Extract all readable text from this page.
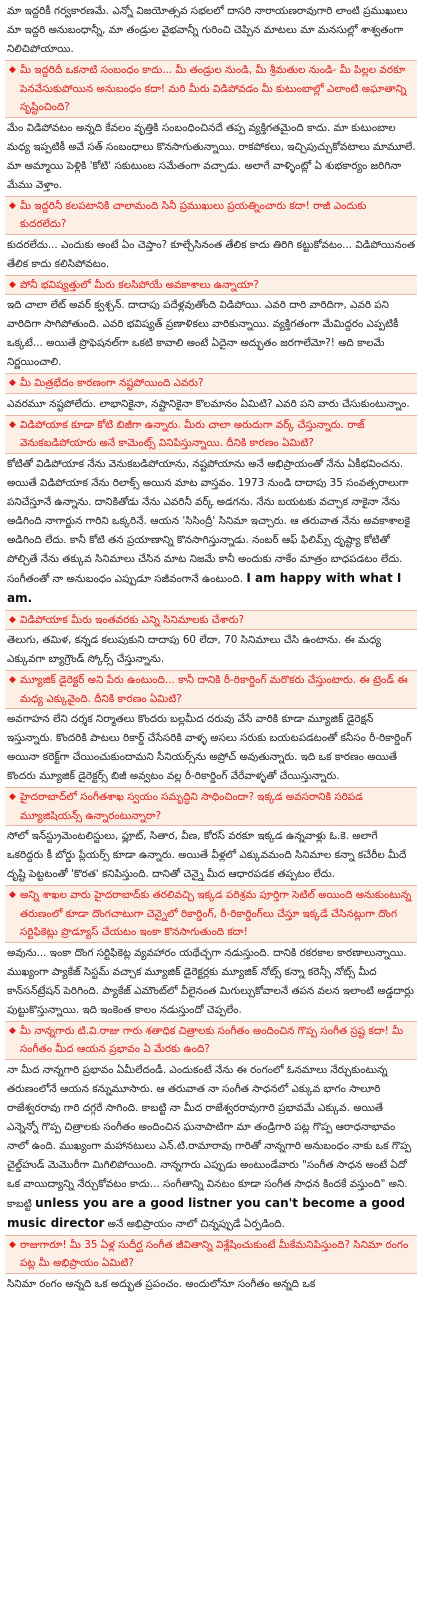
మా ఇద్దరికీ గర్వకారణమే. ఎన్నో విజయోత్సవ సభలలో దాసరి నారాయణరావుగారి లాంటి ప్రముఖులు మా ఇద్దరి అనుబంధాన్నీ, మా తండ్రుల వైభవాన్నీ గురించి చెప్పిన మాటలు మా మనసుల్లో శాశ్వతంగా నిలిచిపోయాయి.

◆ మీ ఇద్దరిదీ ఒకనాటి సంబంధం కాదు... మీ తండ్రుల నుండి, మీ శ్రీమతుల నుండి- మీ పిల్లల వరకూ పెనవేసుకుపోయిన అనుబంధం కదా! మరి మీరు విడిపోవడం మీ కుటుంబాల్లో ఎలాంటి అఘాతాన్ని సృష్టించింది?

మేం విడిపోవటం అన్నది కేవలం వృత్తికి సంబంధించినదే తప్ప వ్యక్తిగతమైంది కాదు. మా కుటుంబాల మధ్య ఇప్పటికీ అవే సత్ సంబంధాలు కొనసాగుతున్నాయి. రాకపోకలు, ఇచ్చిపుచ్చుకోవటాలు మామూలే. మా అమ్మాయి పెళ్లికి 'కోటి' సకుటుంబ సమేతంగా వచ్చాడు. అలాగే వాళ్ళింట్లో ఏ శుభకార్యం జరిగినా మేము వెళ్తాం.

◆ మీ ఇద్దరినీ కలపటానికి చాలామంది సినీ ప్రముఖులు ప్రయత్నించారు కదా! రాజీ ఎందుకు కుదరలేదు?

కుదరలేదు... ఎందుకు అంటే ఏం చెప్తాం? కూల్చేసినంత తేలిక కాదు తిరిగి కట్టుకోవటం... విడిపోయినంత తేలిక కాదు కలిసిపోవటం.

◆ పోనీ భవిష్యత్తులో మీరు కలసిపోయే అవకాశాలు ఉన్నాయా?

ఇది చాలా లేట్ అవర్ క్వశ్చన్. దాదాపు పదేళ్లవుతోంది విడిపోయి. ఎవరి దారి వారిదిగా, ఎవరి పని వారిదిగా సాగిపోతుంది. ఎవరి భవిష్యత్ ప్రణాళికలు వారికున్నాయి. వ్యక్తిగతంగా మేమిద్దరం ఎప్పటికీ ఒక్కటే... అయితే ప్రొఫెషనల్‌గా ఒకటి కావాలి అంటే ఏదైనా అద్భుతం జరగాలేమో?! అది కాలమే నిర్ణయించాలి.

◆ మీ మిత్రభేదం కారణంగా నష్టపోయింది ఎవరు?

ఎవరమూ నష్టపోలేదు. లాభానికైనా, నష్టానికైనా కొలమానం ఏమిటి? ఎవరి పని వారు చేసుకుంటున్నాం.

◆ విడిపోయాక కూడా కోటి బిజీగా ఉన్నారు. మీరు చాలా అరుదుగా వర్క్ చేస్తున్నారు. రాజ్ వెనుకబడిపోయారు అనే కామెంట్స్ వినిపిస్తున్నాయి. దీనికి కారణం ఏమిటి?

కోటితో విడిపోయాక నేను వెనుకబడిపోయాను, నష్టపోయాను అనే అభిప్రాయంతో నేను ఏకీభవించను. అయితే విడిపోయాక నేను రిలాక్స్ అయిన మాట వాస్తవం. 1973 నుండి దాదాపు 35 సంవత్సరాలుగా పనిచేస్తూనే ఉన్నాను. దానికితోడు నేను ఎవరినీ వర్క్ అడగను. నేను బయటకు వచ్చాక నాకైనా నేను అడిగింది నాగార్జున గారిని ఒక్కరినే. ఆయన 'సిసింద్రీ' సినిమా ఇచ్చారు. ఆ తరువాత నేను అవకాశాలకై అడిగింది లేదు. కానీ కోటి తన ప్రయాణాన్ని కొనసాగిస్తున్నాడు. నంబర్ ఆఫ్ ఫిలిమ్స్ దృష్ట్యా కోటితో పోల్చితే నేను తక్కువ సినిమాలు చేసిన మాట నిజమే కానీ అందుకు నాకేం మాత్రం బాధపడటం లేదు. సంగీతంతో నా అనుబంధం ఎప్పుడూ సజీవంగానే ఉంటుంది. I am happy with what I am.

◆ విడిపోయాక మీరు ఇంతవరకు ఎన్ని సినిమాలకు చేశారు?

తెలుగు, తమిళ, కన్నడ కలుపుకుని దాదాపు 60 లేదా, 70 సినిమాలు చేసి ఉంటాను. ఈ మధ్య ఎక్కువగా బ్యాగ్రౌండ్ స్కోర్స్ చేస్తున్నాను.

◆ మ్యూజిక్ డైరెక్టర్ అని పేరు ఉంటుంది... కానీ దానికి రీ-రికార్డింగ్ మరొకరు చేస్తుంటారు. ఈ ట్రెండ్ ఈ మధ్య ఎక్కువైంది. దీనికి కారణం ఏమిటి?

అవగాహన లేని దర్శక నిర్మాతలు కొందరు బల్లమీద దరువు వేసే వారికి కూడా మ్యూజిక్ డైరెక్షన్ ఇస్తున్నారు. కొందరికి పాటలు రికార్డ్ చేసేసరికి వాళ్ళ అసలు సరుకు బయటపడటంతో కనీసం రీ-రికార్డింగ్ అయినా కరెక్ట్‌గా చేయించుకుందామని సీనియర్స్‌ను అప్రోచ్ అవుతున్నారు. ఇది ఒక కారణం అయితే కొందరు మ్యూజిక్ డైరెక్టర్స్ బిజీ అవ్వటం వల్ల రీ-రికార్డింగ్ వేరేవాళ్ళతో చేయిస్తున్నారు.

◆ హైదరాబాద్‌లో సంగీతశాఖ స్వయం సమృద్ధిని సాధించిందా? ఇక్కడ అవసరానికి సరిపడ మ్యూజిషియన్స్ ఉన్నారంటున్నారా?

సోలో ఇన్‌స్ట్రుమెంటలిస్టులు, ఫ్లూట్, సితార, వీణ, కోరస్ వరకూ ఇక్కడ ఉన్నవాళ్లు ఓ.కె. అలాగే ఒకరిద్దరు కీ బోర్డు ప్లేయర్స్ కూడా ఉన్నారు. అయితే వీళ్లలో ఎక్కువమంది సినిమాల కన్నా కచేరీల మీదే దృష్టి పెట్టటంతో 'కొరత' కనిపిస్తుంది. దానితో చెన్నై మీద ఆధారపడక తప్పటం లేదు.

◆ అన్ని శాఖల వారు హైదరాబాద్‌కు తరలివచ్చి ఇక్కడ పరిశ్రమ పూర్తిగా సెటిల్ అయింది అనుకుంటున్న తరుణంలో కూడా దొంగచాటుగా చెన్నైలో రికార్డింగ్, రీ-రికార్డింగ్‌లు చేస్తూ ఇక్కడే చేసినట్లుగా దొంగ సర్టిఫికెట్లు ప్రొడ్యూస్ చేయటం ఇంకా కొనసాగుతుంది కదా!

అవును... ఇంకా దొంగ సర్టిఫికెట్ల వ్యవహారం యథేచ్ఛగా నడుస్తుంది. దానికి రకరకాల కారణాలున్నాయి. ముఖ్యంగా ప్యాకేజ్ సిస్టమ్ వచ్చాక మ్యూజిక్ డైరెక్టర్లకు మ్యూజిక్ నోట్స్ కన్నా కరెన్సీ నోట్స్ మీద కాన్‌సన్‌ట్రేషన్ పెరిగింది. ప్యాకేజ్ ఎమౌంట్‌లో వీలైనంత మిగుల్చుకోవాలనే తపన వలన ఇలాంటి అడ్డదార్లు పుట్టుకొస్తున్నాయి. ఇది ఇంకెంత కాలం నడుస్తుందో చెప్పలేం.

◆ మీ నాన్నగారు టి.వి.రాజు గారు శతాధిక చిత్రాలకు సంగీతం అందించిన గొప్ప సంగీత స్రష్ట కదా! మీ సంగీతం మీద ఆయన ప్రభావం ఏ మేరకు ఉంది?

నా మీద నాన్నగారి ప్రభావం ఏమీలేదండీ. ఎందుకంటే నేను ఈ రంగంలో ఓనమాలు నేర్చుకుంటున్న తరుణంలోనే ఆయన కన్నుమూసారు. ఆ తరువాత నా సంగీత సాధనలో ఎక్కువ భాగం సాలూరి రాజేశ్వరరావు గారి దగ్గరే సాగింది. కాబట్టి నా మీద రాజేశ్వరరావుగారి ప్రభావమే ఎక్కువ. అయితే ఎన్నెన్నో గొప్ప చిత్రాలకు సంగీతం అందించిన ఘనాపాటిగా మా తండ్రిగారి పట్ల గొప్ప ఆరాధనాభావం నాలో ఉంది. ముఖ్యంగా మహానటులు ఎన్.టి.రామారావు గారితో నాన్నగారి అనుబంధం నాకు ఒక గొప్ప చైల్డ్‌హుడ్ మెమొరీగా మిగిలిపోయింది. నాన్నగారు ఎప్పుడు అంటుండేవారు "సంగీత సాధన అంటే ఏదో ఒక వాయిద్యాన్ని నేర్చుకోవటం కాదు... సంగీతాన్ని వినటం కూడా సంగీత సాధన కిందకే వస్తుంది" అని. కాబట్టి unless you are a good listner you can't become a good music director అనే అభిప్రాయం నాలో చిన్నప్పుడే ఏర్పడింది.

◆ రాజుగారూ! మీ 35 ఏళ్ల సుదీర్ఘ సంగీత జీవితాన్ని విశ్లేషించుకుంటే మీకేమనిపిస్తుంది? సినిమా రంగం పట్ల మీ అభిప్రాయం ఏమిటి?

సినిమా రంగం అన్నది ఒక అద్భుత ప్రపంచం. అందులోనూ సంగీతం అన్నది ఒక
